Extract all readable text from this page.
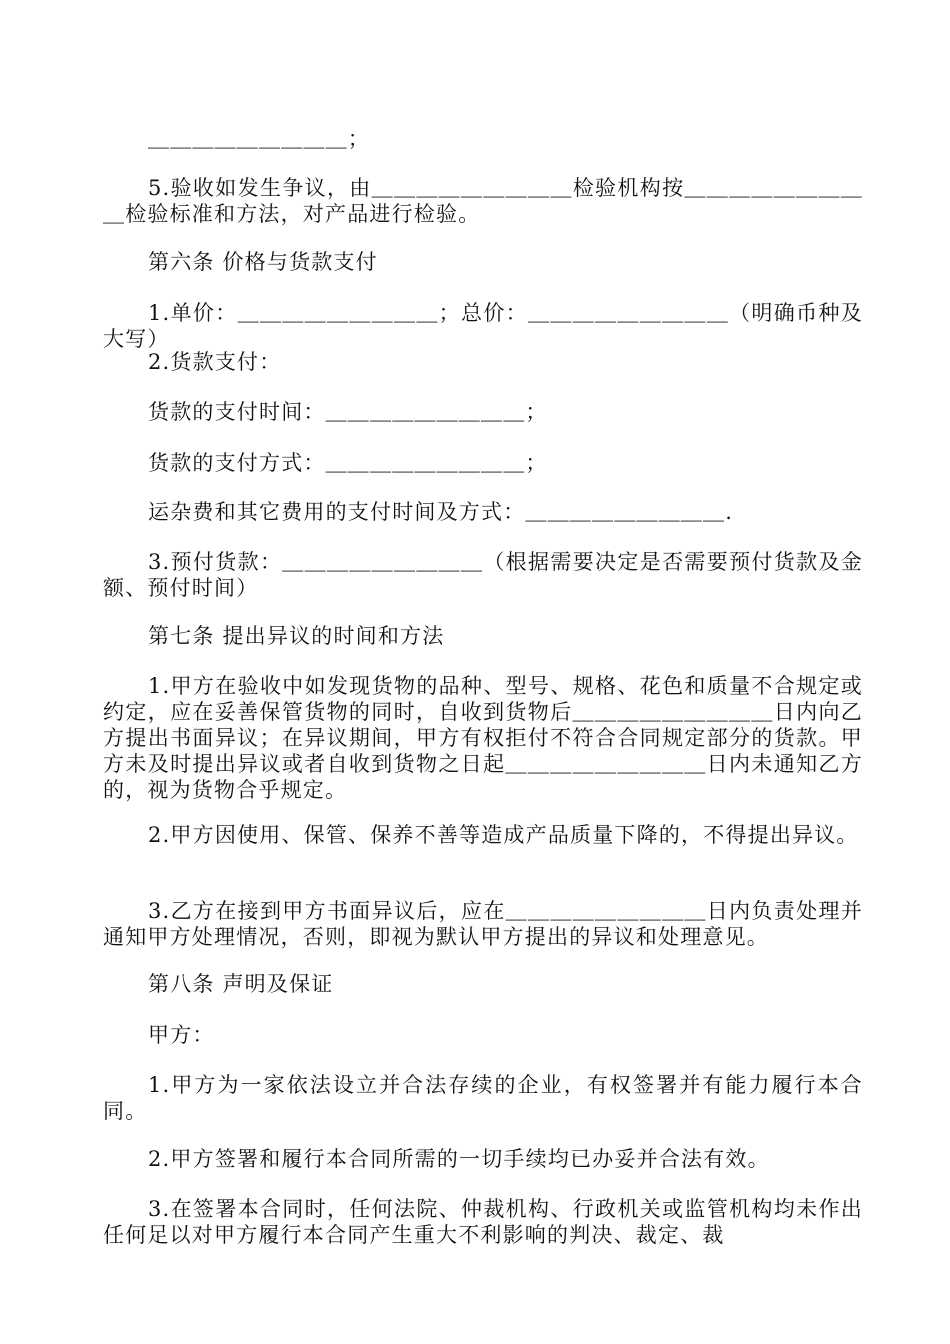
＿＿＿＿＿＿＿＿＿；

5.验收如发生争议，由＿＿＿＿＿＿＿＿＿检验机构按＿＿＿＿＿＿＿＿＿检验标准和方法，对产品进行检验。

第六条 价格与货款支付

1.单价：＿＿＿＿＿＿＿＿＿；总价：＿＿＿＿＿＿＿＿＿（明确币种及大写）

2.货款支付：

货款的支付时间：＿＿＿＿＿＿＿＿＿；

货款的支付方式：＿＿＿＿＿＿＿＿＿；

运杂费和其它费用的支付时间及方式：＿＿＿＿＿＿＿＿＿.

3.预付货款：＿＿＿＿＿＿＿＿＿（根据需要决定是否需要预付货款及金额、预付时间）

第七条 提出异议的时间和方法

1.甲方在验收中如发现货物的品种、型号、规格、花色和质量不合规定或约定，应在妥善保管货物的同时，自收到货物后＿＿＿＿＿＿＿＿＿日内向乙方提出书面异议；在异议期间，甲方有权拒付不符合合同规定部分的货款。甲方未及时提出异议或者自收到货物之日起＿＿＿＿＿＿＿＿＿日内未通知乙方的，视为货物合乎规定。

2.甲方因使用、保管、保养不善等造成产品质量下降的，不得提出异议。

3.乙方在接到甲方书面异议后，应在＿＿＿＿＿＿＿＿＿日内负责处理并通知甲方处理情况，否则，即视为默认甲方提出的异议和处理意见。

第八条 声明及保证

甲方：

1.甲方为一家依法设立并合法存续的企业，有权签署并有能力履行本合同。

2.甲方签署和履行本合同所需的一切手续均已办妥并合法有效。

3.在签署本合同时，任何法院、仲裁机构、行政机关或监管机构均未作出任何足以对甲方履行本合同产生重大不利影响的判决、裁定、裁
